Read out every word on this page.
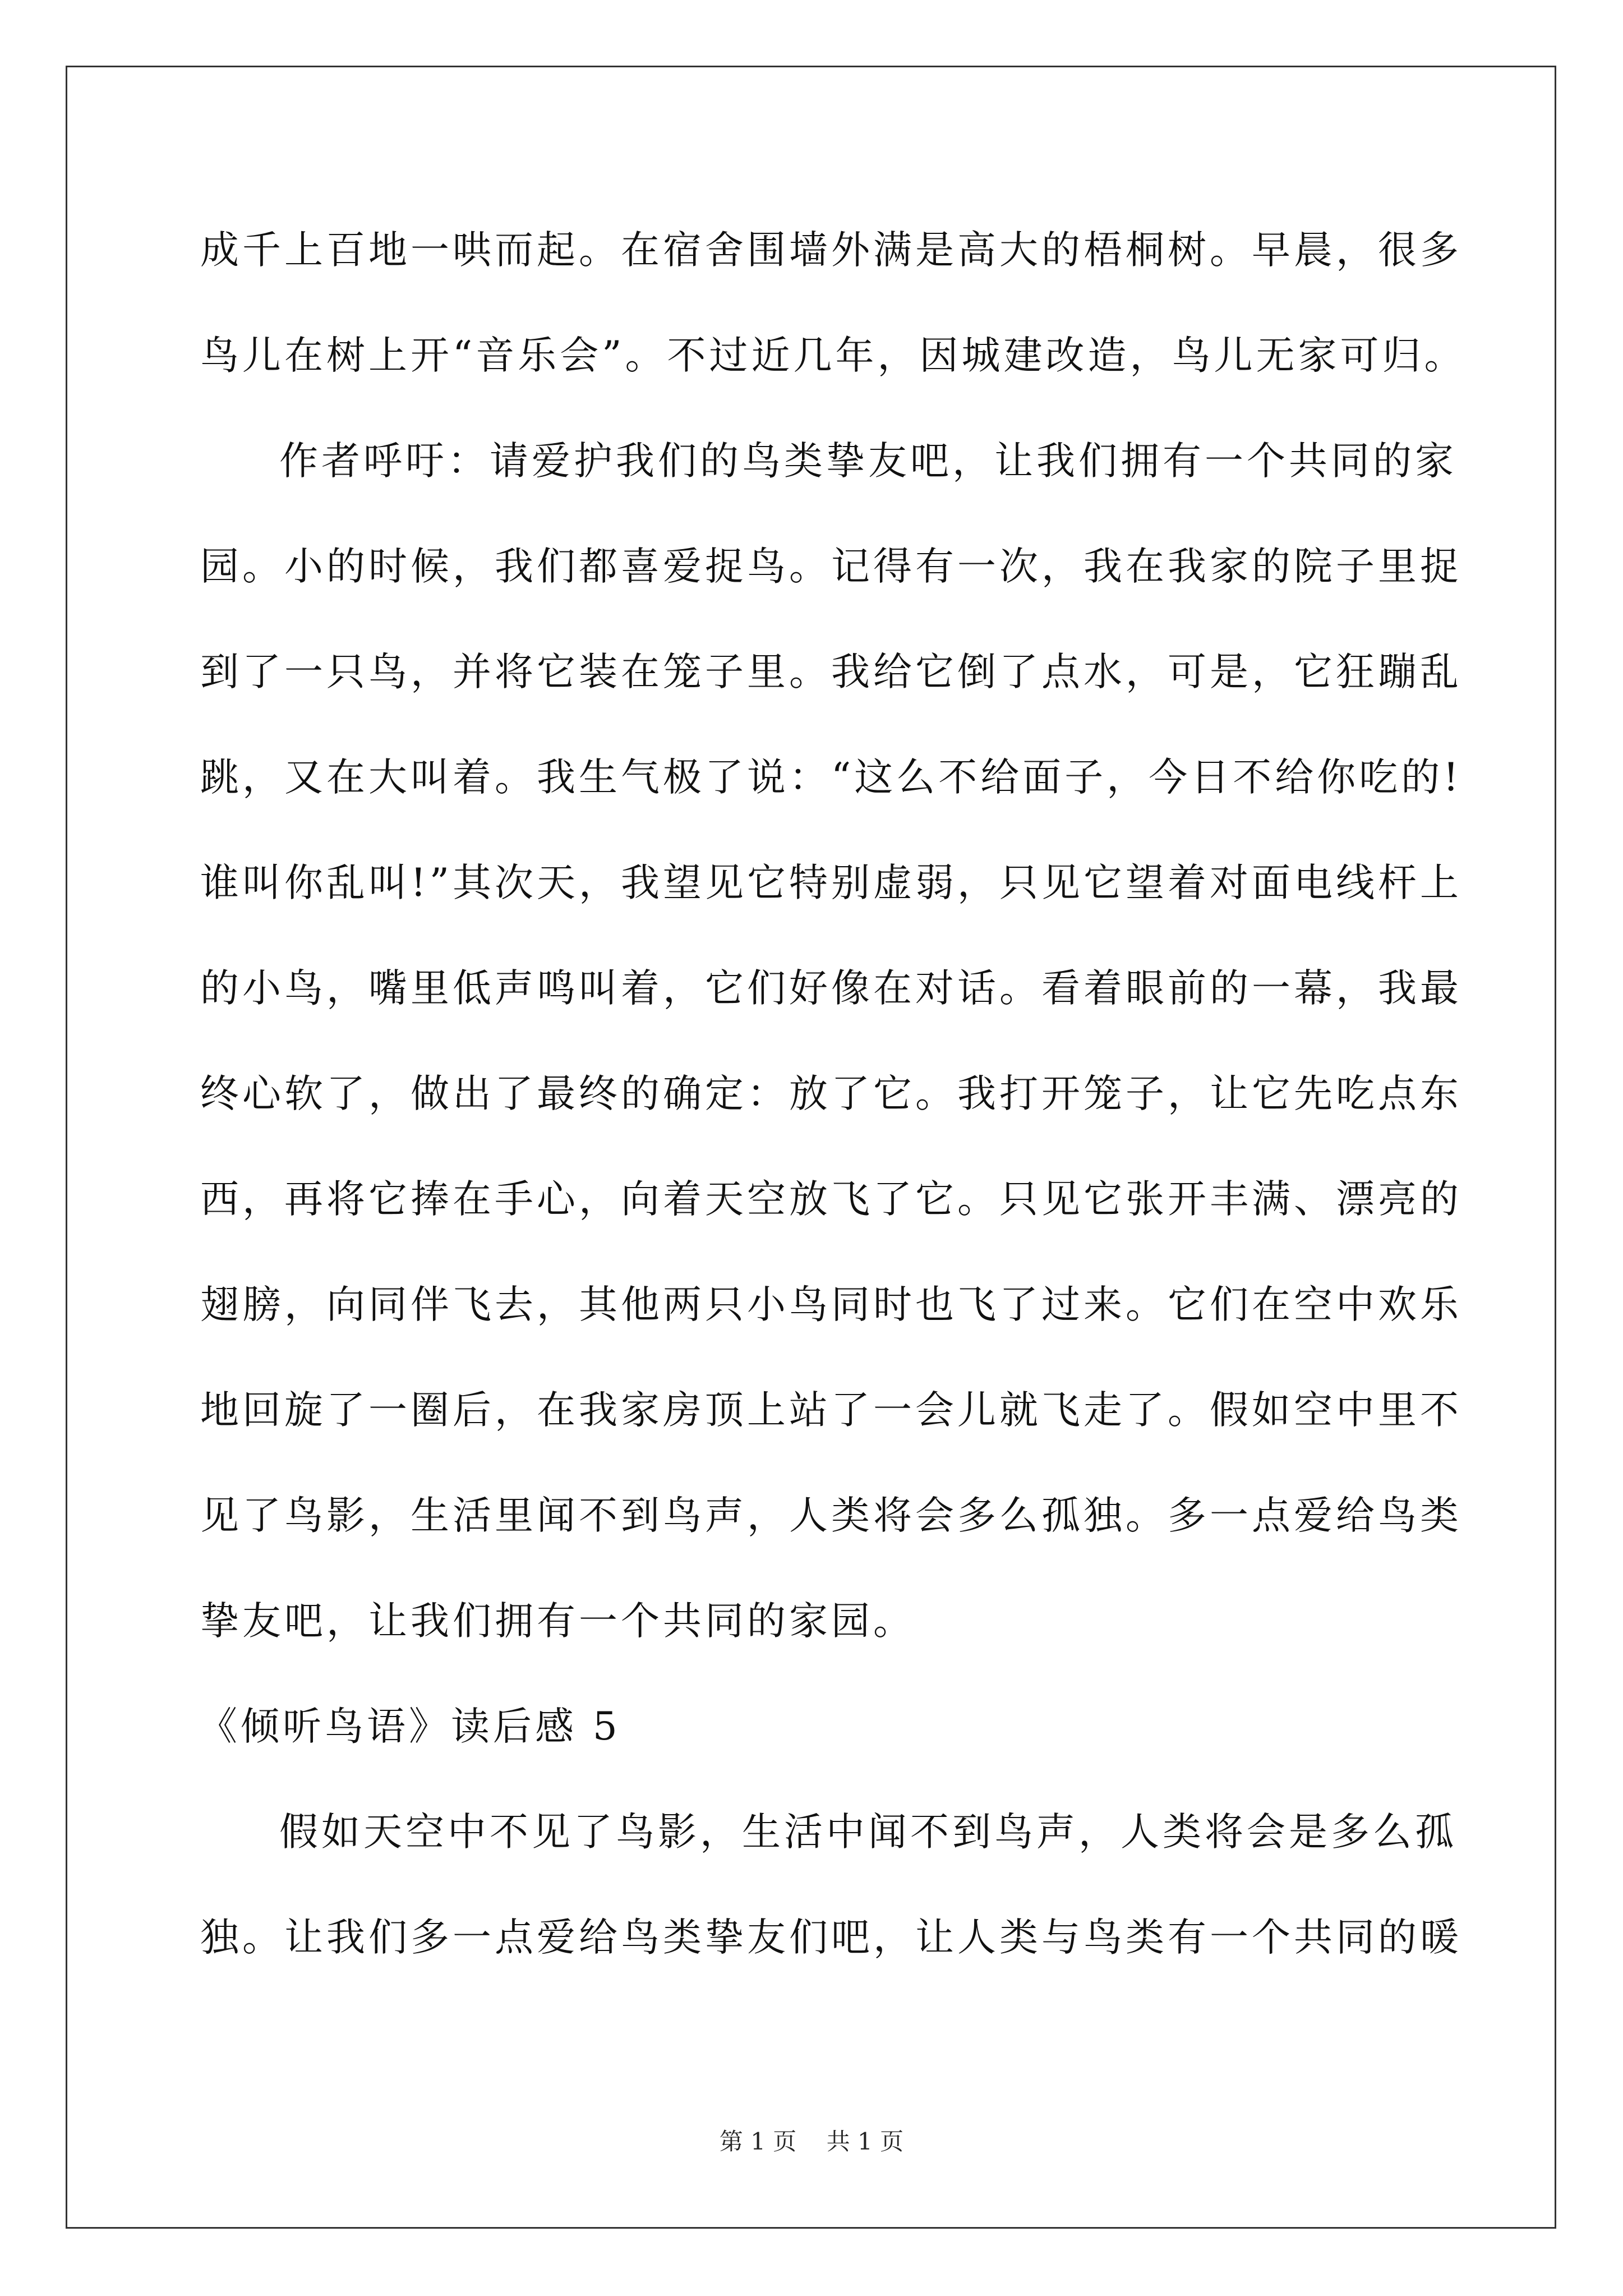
成千上百地一哄而起。在宿舍围墙外满是高大的梧桐树。早晨，很多
鸟儿在树上开“音乐会”。不过近几年，因城建改造，鸟儿无家可归。
作者呼吁：请爱护我们的鸟类挚友吧，让我们拥有一个共同的家
园。小的时候，我们都喜爱捉鸟。记得有一次，我在我家的院子里捉
到了一只鸟，并将它装在笼子里。我给它倒了点水，可是，它狂蹦乱
跳，又在大叫着。我生气极了说：“这么不给面子，今日不给你吃的!
谁叫你乱叫!”其次天，我望见它特别虚弱，只见它望着对面电线杆上
的小鸟，嘴里低声鸣叫着，它们好像在对话。看着眼前的一幕，我最
终心软了，做出了最终的确定：放了它。我打开笼子，让它先吃点东
西，再将它捧在手心，向着天空放飞了它。只见它张开丰满、漂亮的
翅膀，向同伴飞去，其他两只小鸟同时也飞了过来。它们在空中欢乐
地回旋了一圈后，在我家房顶上站了一会儿就飞走了。假如空中里不
见了鸟影，生活里闻不到鸟声，人类将会多么孤独。多一点爱给鸟类
挚友吧，让我们拥有一个共同的家园。
《倾听鸟语》读后感 5
假如天空中不见了鸟影，生活中闻不到鸟声，人类将会是多么孤
独。让我们多一点爱给鸟类挚友们吧，让人类与鸟类有一个共同的暖
第 1 页    共 1 页
